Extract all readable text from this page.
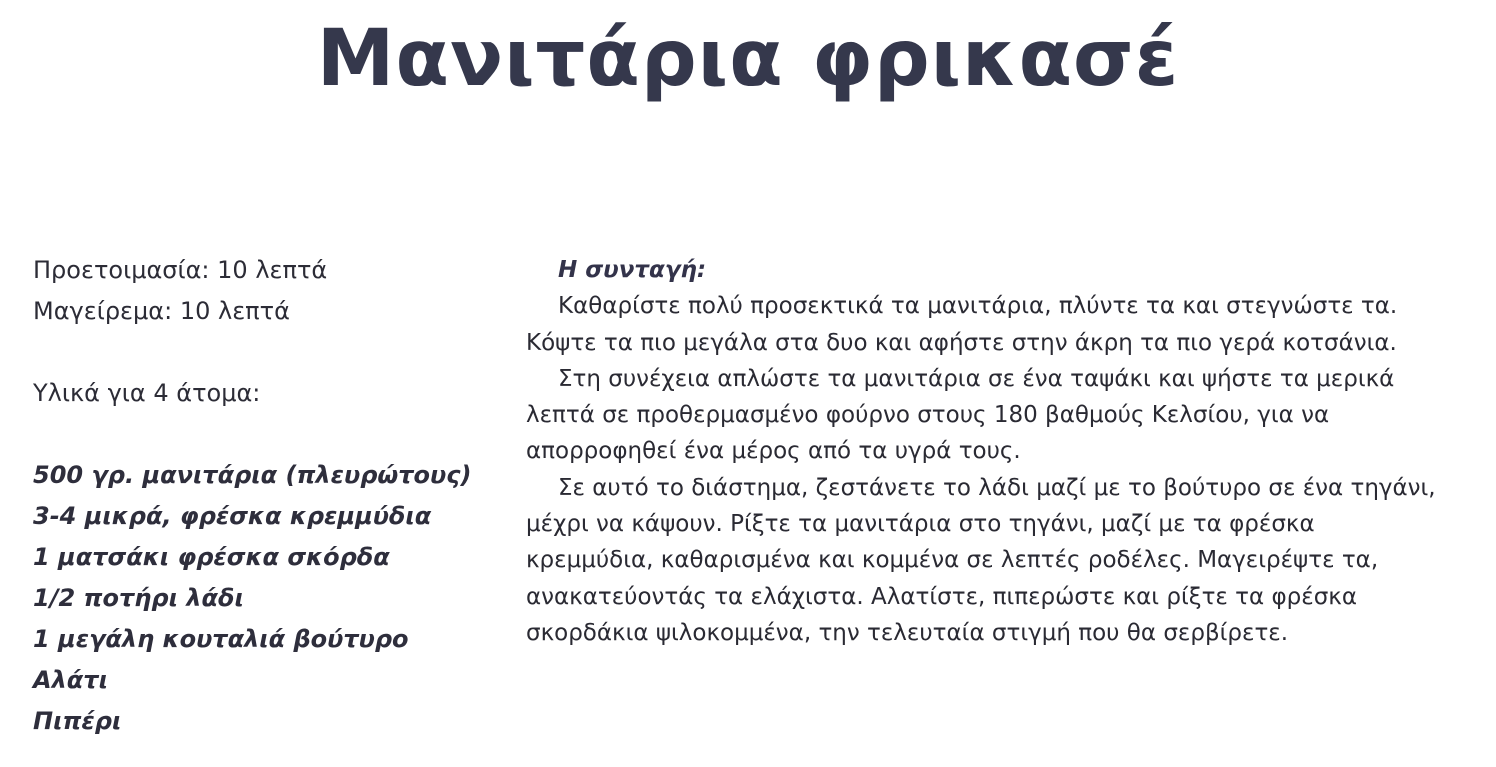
Μανιτάρια φρικασέ
Προετοιμασία: 10 λεπτά
Μαγείρεμα: 10 λεπτά
Υλικά για 4 άτομα:
500 γρ. μανιτάρια (πλευρώτους)
3-4 μικρά, φρέσκα κρεμμύδια
1 ματσάκι φρέσκα σκόρδα
1/2 ποτήρι λάδι
1 μεγάλη κουταλιά βούτυρο
Αλάτι
Πιπέρι
Η συνταγή:
Καθαρίστε πολύ προσεκτικά τα μανιτάρια, πλύντε τα και στεγνώστε τα.
Κόψτε τα πιο μεγάλα στα δυο και αφήστε στην άκρη τα πιο γερά κοτσάνια.
Στη συνέχεια απλώστε τα μανιτάρια σε ένα ταψάκι και ψήστε τα μερικά
λεπτά σε προθερμασμένο φούρνο στους 180 βαθμούς Κελσίου, για να
απορροφηθεί ένα μέρος από τα υγρά τους.
Σε αυτό το διάστημα, ζεστάνετε το λάδι μαζί με το βούτυρο σε ένα τηγάνι,
μέχρι να κάψουν. Ρίξτε τα μανιτάρια στο τηγάνι, μαζί με τα φρέσκα
κρεμμύδια, καθαρισμένα και κομμένα σε λεπτές ροδέλες. Μαγειρέψτε τα,
ανακατεύοντάς τα ελάχιστα. Αλατίστε, πιπερώστε και ρίξτε τα φρέσκα
σκορδάκια ψιλοκομμένα, την τελευταία στιγμή που θα σερβίρετε.
